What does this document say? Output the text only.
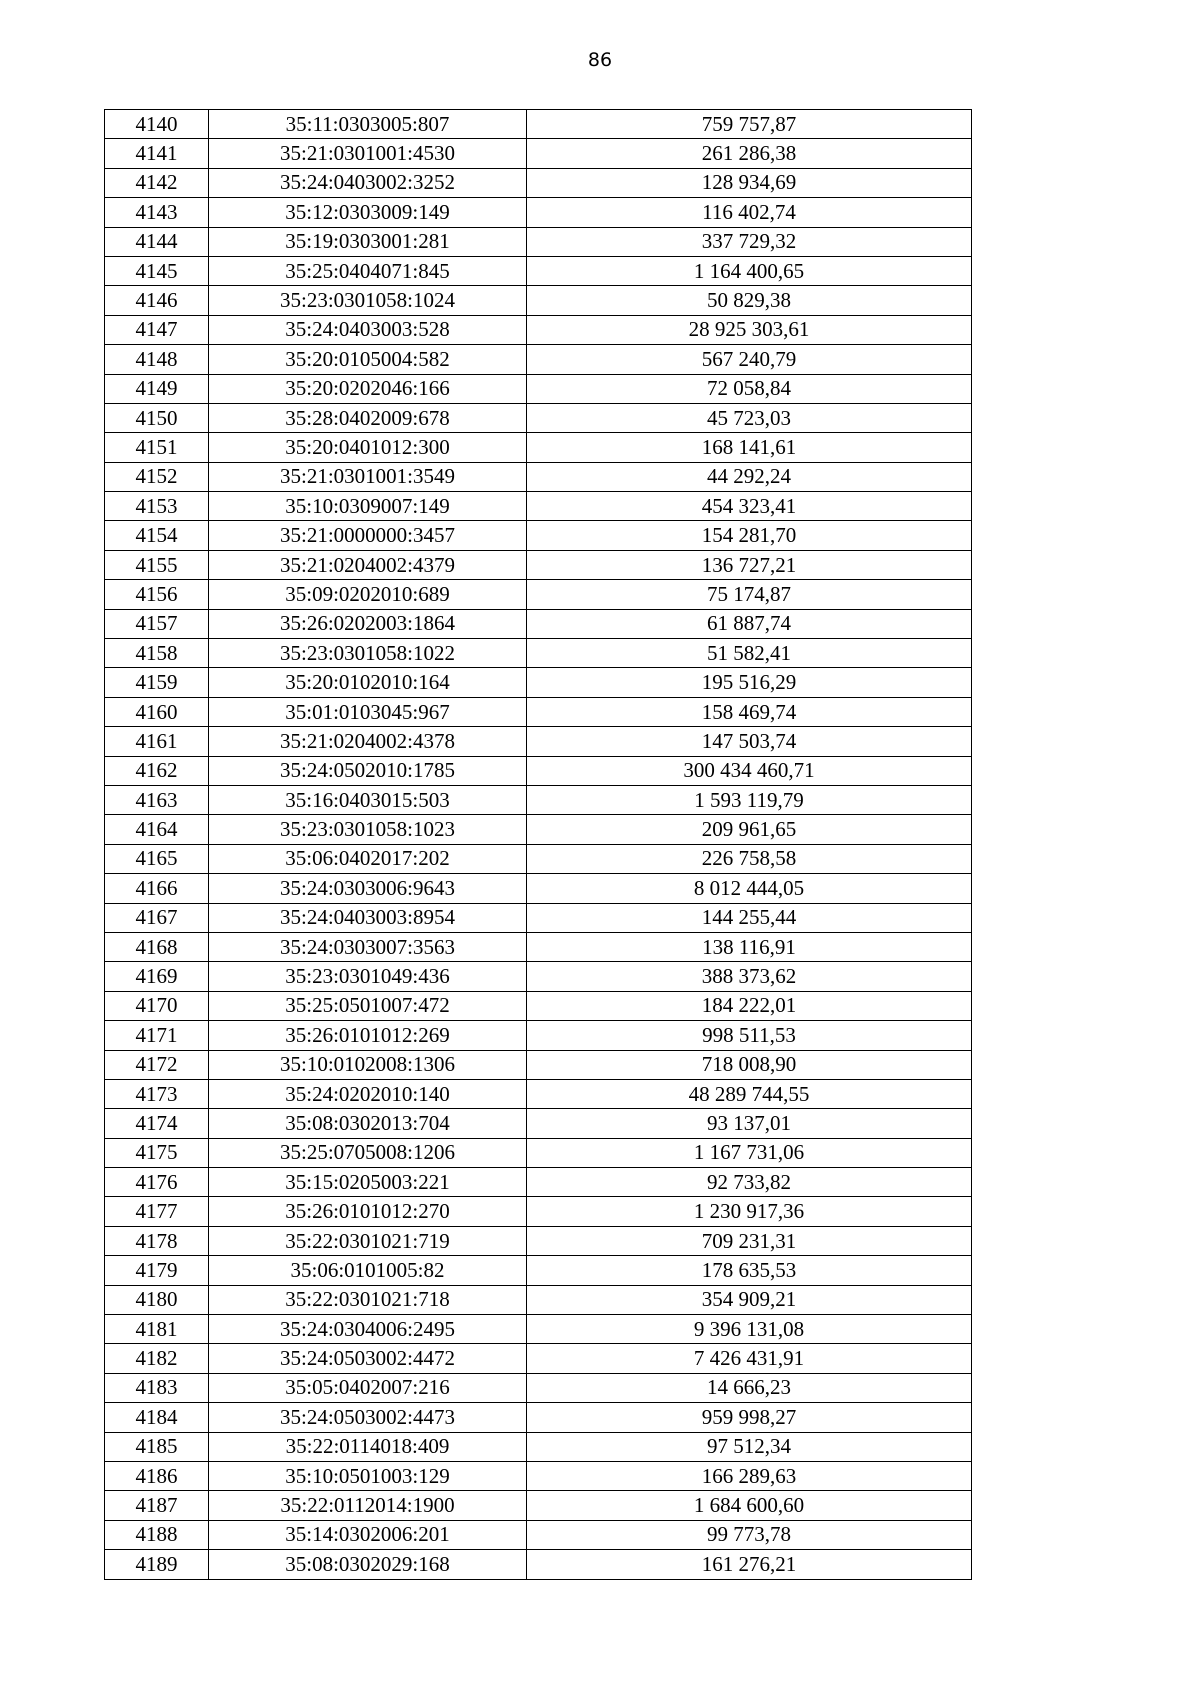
86
4140	35:11:0303005:807	759 757,87
4141	35:21:0301001:4530	261 286,38
4142	35:24:0403002:3252	128 934,69
4143	35:12:0303009:149	116 402,74
4144	35:19:0303001:281	337 729,32
4145	35:25:0404071:845	1 164 400,65
4146	35:23:0301058:1024	50 829,38
4147	35:24:0403003:528	28 925 303,61
4148	35:20:0105004:582	567 240,79
4149	35:20:0202046:166	72 058,84
4150	35:28:0402009:678	45 723,03
4151	35:20:0401012:300	168 141,61
4152	35:21:0301001:3549	44 292,24
4153	35:10:0309007:149	454 323,41
4154	35:21:0000000:3457	154 281,70
4155	35:21:0204002:4379	136 727,21
4156	35:09:0202010:689	75 174,87
4157	35:26:0202003:1864	61 887,74
4158	35:23:0301058:1022	51 582,41
4159	35:20:0102010:164	195 516,29
4160	35:01:0103045:967	158 469,74
4161	35:21:0204002:4378	147 503,74
4162	35:24:0502010:1785	300 434 460,71
4163	35:16:0403015:503	1 593 119,79
4164	35:23:0301058:1023	209 961,65
4165	35:06:0402017:202	226 758,58
4166	35:24:0303006:9643	8 012 444,05
4167	35:24:0403003:8954	144 255,44
4168	35:24:0303007:3563	138 116,91
4169	35:23:0301049:436	388 373,62
4170	35:25:0501007:472	184 222,01
4171	35:26:0101012:269	998 511,53
4172	35:10:0102008:1306	718 008,90
4173	35:24:0202010:140	48 289 744,55
4174	35:08:0302013:704	93 137,01
4175	35:25:0705008:1206	1 167 731,06
4176	35:15:0205003:221	92 733,82
4177	35:26:0101012:270	1 230 917,36
4178	35:22:0301021:719	709 231,31
4179	35:06:0101005:82	178 635,53
4180	35:22:0301021:718	354 909,21
4181	35:24:0304006:2495	9 396 131,08
4182	35:24:0503002:4472	7 426 431,91
4183	35:05:0402007:216	14 666,23
4184	35:24:0503002:4473	959 998,27
4185	35:22:0114018:409	97 512,34
4186	35:10:0501003:129	166 289,63
4187	35:22:0112014:1900	1 684 600,60
4188	35:14:0302006:201	99 773,78
4189	35:08:0302029:168	161 276,21
